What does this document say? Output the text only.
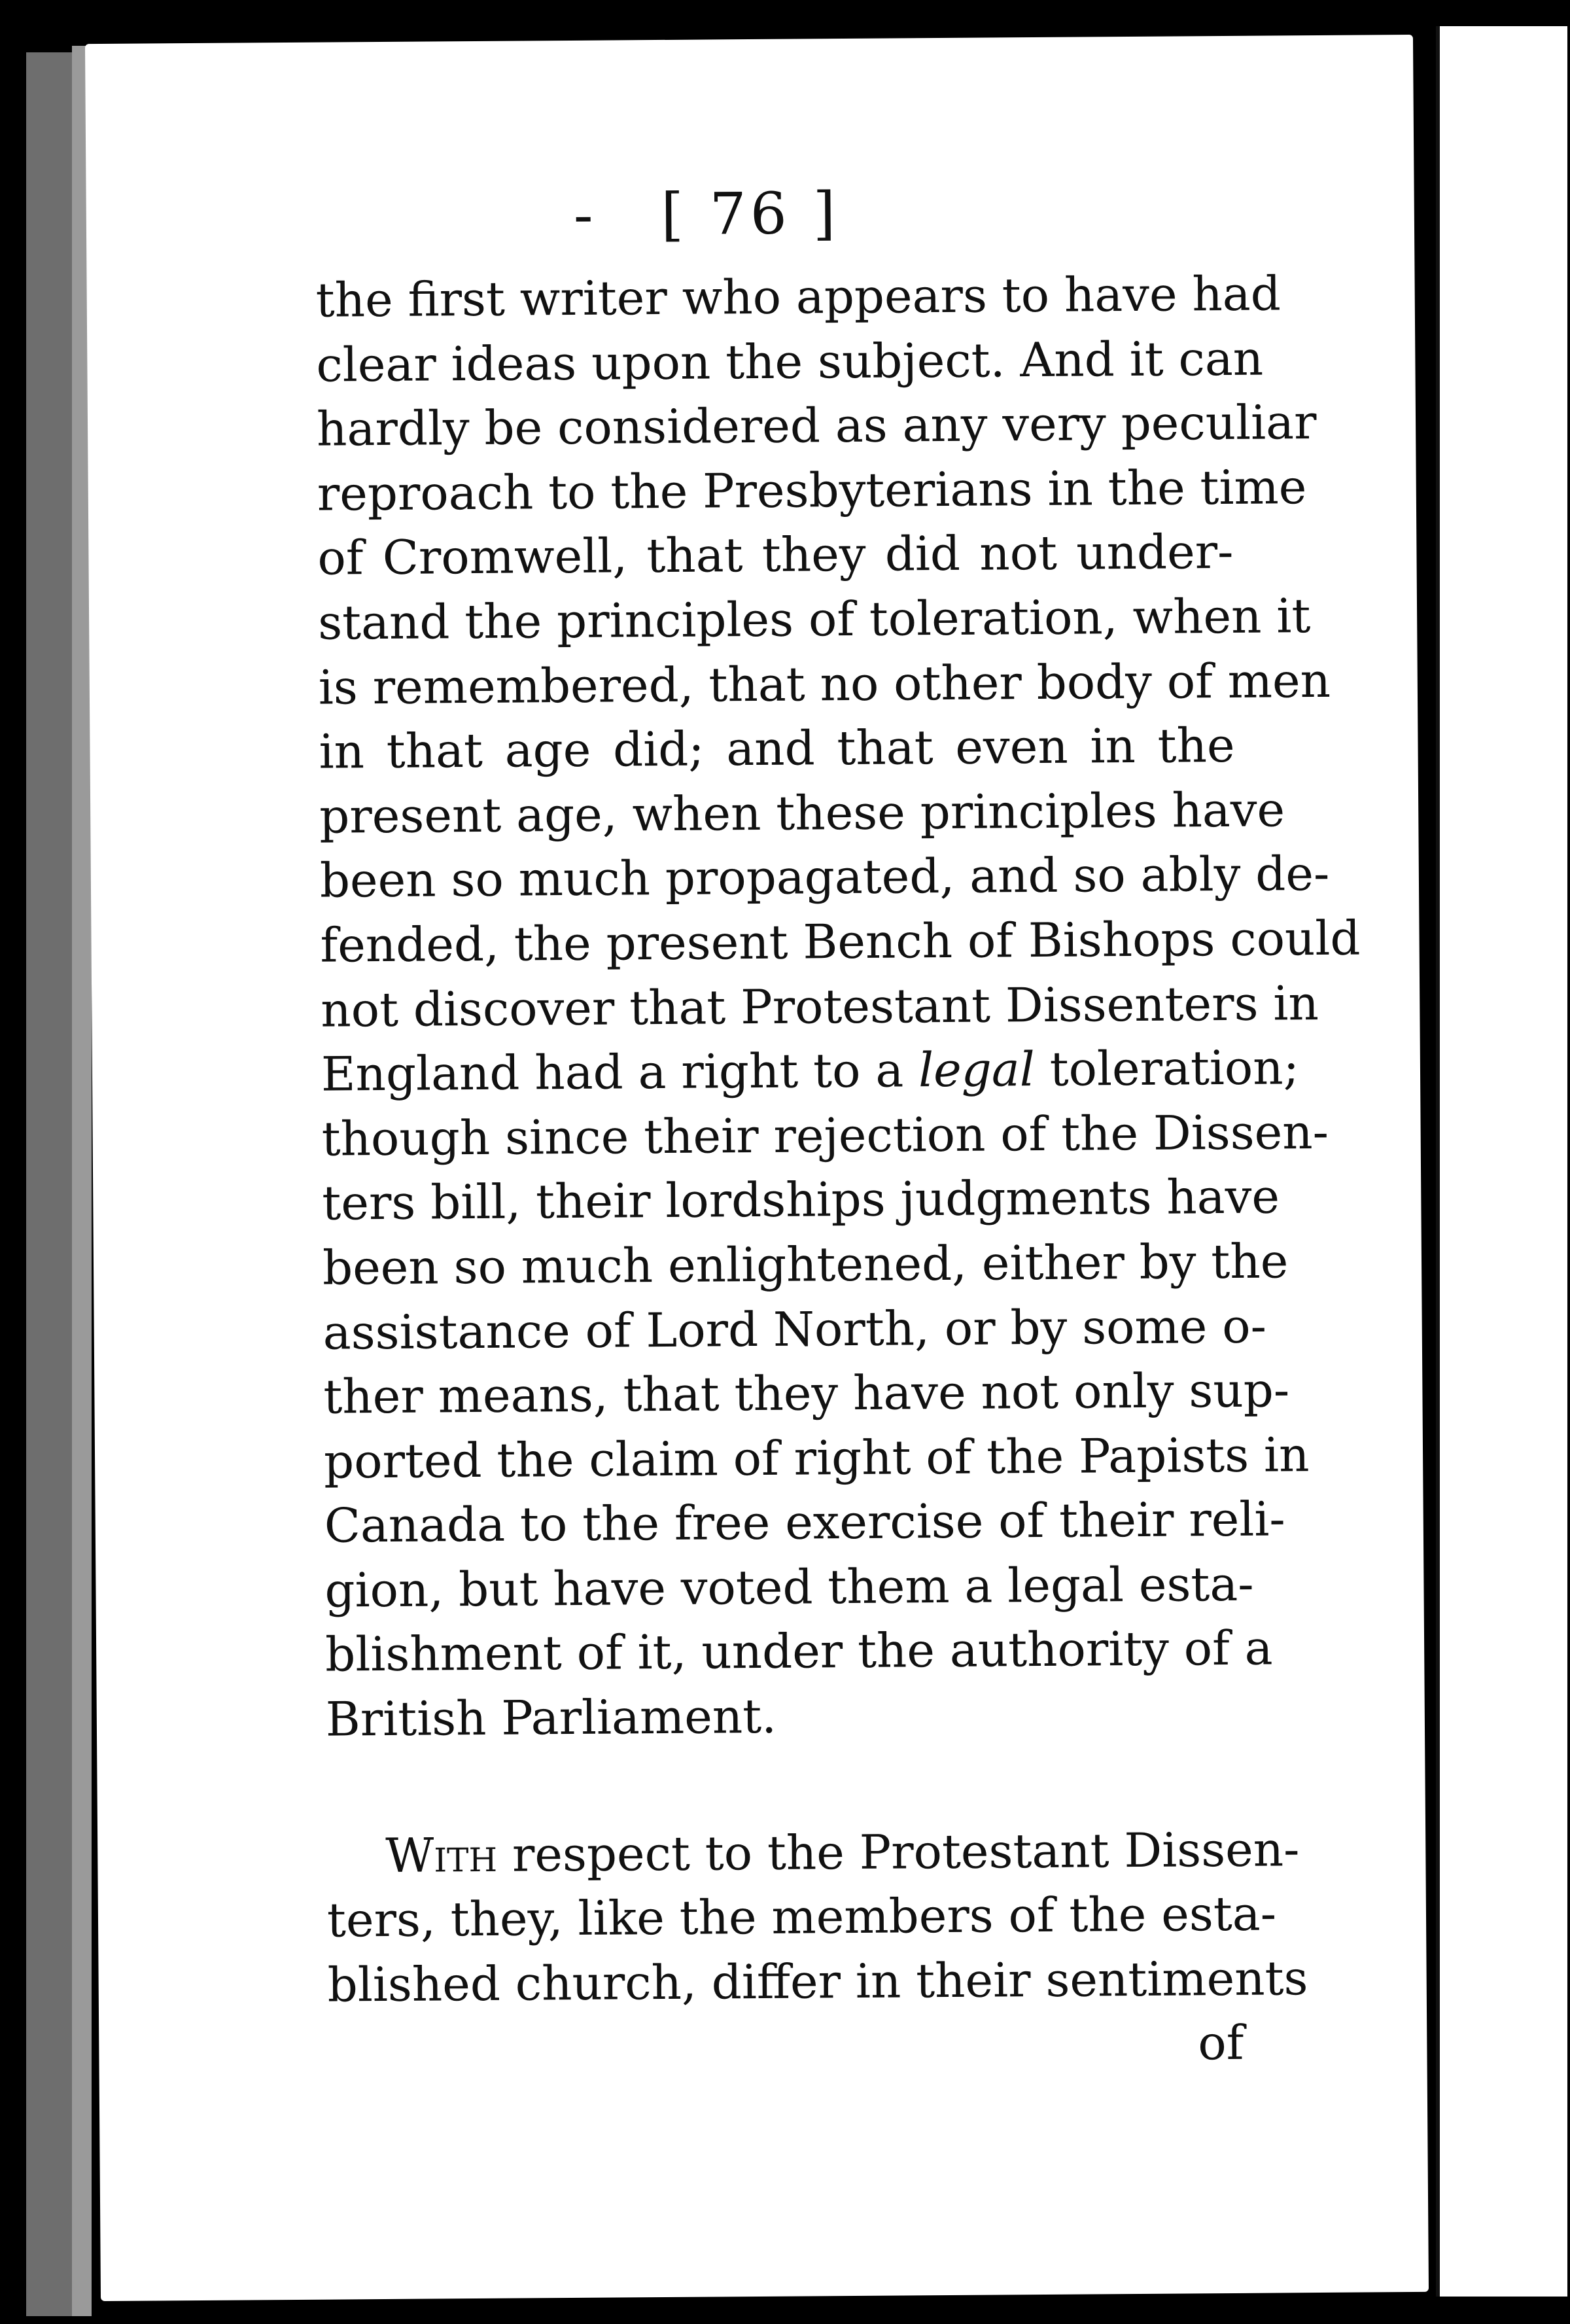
- [ 76 ]
the first writer who appears to have had
clear ideas upon the subject. And it can
hardly be considered as any very peculiar
reproach to the Presbyterians in the time
of Cromwell, that they did not under-
stand the principles of toleration, when it
is remembered, that no other body of men
in that age did; and that even in the
present age, when these principles have
been so much propagated, and so ably de-
fended, the present Bench of Bishops could
not discover that Protestant Dissenters in
England had a right to a legal toleration;
though since their rejection of the Dissen-
ters bill, their lordships judgments have
been so much enlightened, either by the
assistance of Lord North, or by some o-
ther means, that they have not only sup-
ported the claim of right of the Papists in
Canada to the free exercise of their reli-
gion, but have voted them a legal esta-
blishment of it, under the authority of a
British Parliament.
With respect to the Protestant Dissen-
ters, they, like the members of the esta-
blished church, differ in their sentiments
of
